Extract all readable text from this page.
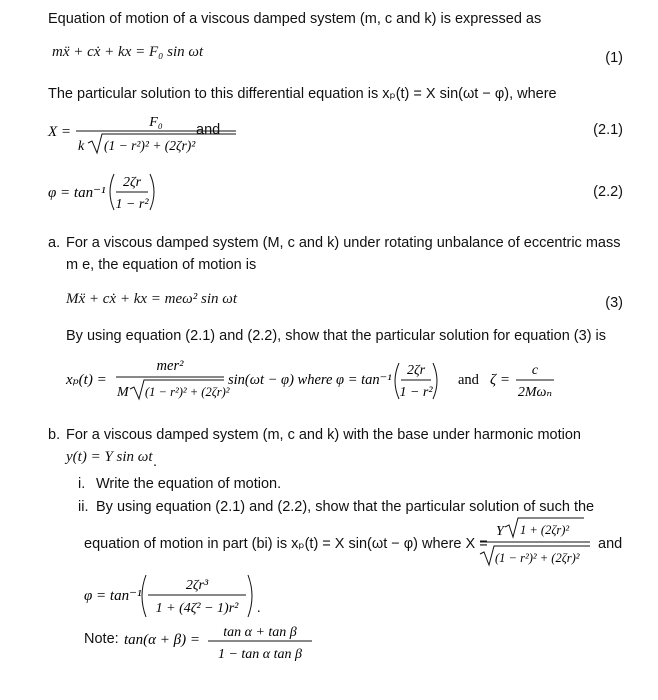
Equation of motion of a viscous damped system (m, c and k) is expressed as
mẍ + cẋ + kx = F₀ sin ωt	(1)
The particular solution to this differential equation is xₚ(t) = X sin(ωt − φ), where
X =
F₀
k (1 − r²)² + (2ζr)²
and	(2.1)
φ = tan⁻¹
2ζr
1 − r²
(2.2)
a. For a viscous damped system (M, c and k) under rotating unbalance of eccentric mass
m e, the equation of motion is
Mẍ + cẋ + kx = meω² sin ωt	(3)
By using equation (2.1) and (2.2), show that the particular solution for equation (3) is
xₚ(t) =
mer²
M (1 − r²)² + (2ζr)²
sin(ωt − φ) where φ = tan⁻¹
2ζr
1 − r²
and ζ =
c
2Mωₙ
b. For a viscous damped system (m, c and k) with the base under harmonic motion
y(t) = Y sin ωt .
i. Write the equation of motion.
ii. By using equation (2.1) and (2.2), show that the particular solution of such the
equation of motion in part (bi) is xₚ(t) = X sin(ωt − φ) where X =
Y 1 + (2ζr)²
(1 − r²)² + (2ζr)²
and
φ = tan⁻¹
2ζr³
1 + (4ζ² − 1)r² .
Note: tan(α + β) = tan α + tan β
1 − tan α tan β
